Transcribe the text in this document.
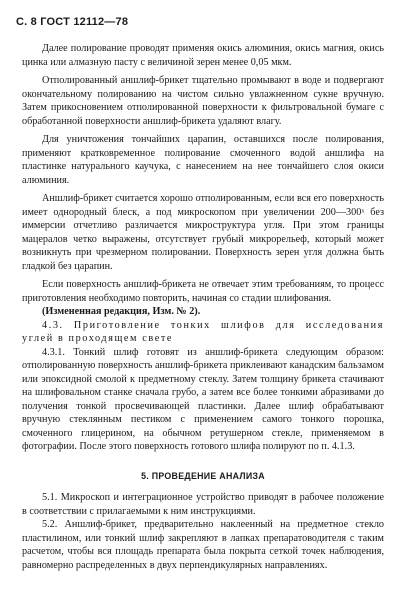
С. 8 ГОСТ 12112—78

Далее полирование проводят применяя окись алюминия, окись магния, окись цинка или алмазную пасту с величиной зерен менее 0,05 мкм.

Отполированный аншлиф-брикет тщательно промывают в воде и подвергают окончательному полированию на чистом сильно увлажненном сукне вручную. Затем прикосновением отполированной поверхности к фильтровальной бумаге с обработанной поверхности аншлиф-брикета удаляют влагу.

Для уничтожения тончайших царапин, оставшихся после полирования, применяют кратковременное полирование смоченного водой аншлифа на пластинке натурального каучука, с нанесением на нее тончайшего слоя окиси алюминия.

Аншлиф-брикет считается хорошо отполированным, если вся его поверхность имеет однородный блеск, а под микроскопом при увеличении 200—300ˣ без иммерсии отчетливо различается микроструктура угля. При этом границы мацералов четко выражены, отсутствует грубый микрорельеф, который может возникнуть при чрезмерном полировании. Поверхность зерен угля должна быть гладкой без царапин.

Если поверхность аншлиф-брикета не отвечает этим требованиям, то процесс приготовления необходимо повторить, начиная со стадии шлифования.

(Измененная редакция, Изм. № 2).

4.3. Приготовление тонких шлифов для исследования углей в проходящем свете

4.3.1. Тонкий шлиф готовят из аншлиф-брикета следующим образом: отполированную поверхность аншлиф-брикета приклеивают канадским бальзамом или эпоксидной смолой к предметному стеклу. Затем толщину брикета стачивают на шлифовальном станке сначала грубо, а затем все более тонкими абразивами до получения тонкой просвечивающей пластинки. Далее шлиф обрабатывают вручную стеклянным пестиком с применением самого тонкого порошка, смоченного глицерином, на обычном ретушерном стекле, применяемом в фотографии. После этого поверхность готового шлифа полируют по п. 4.1.3.

5. ПРОВЕДЕНИЕ АНАЛИЗА

5.1. Микроскоп и интеграционное устройство приводят в рабочее положение в соответствии с прилагаемыми к ним инструкциями.

5.2. Аншлиф-брикет, предварительно наклеенный на предметное стекло пластилином, или тонкий шлиф закрепляют в лапках препаратоводителя с таким расчетом, чтобы вся площадь препарата была покрыта сеткой точек наблюдения, равномерно распределенных в двух перпендикулярных направлениях.
